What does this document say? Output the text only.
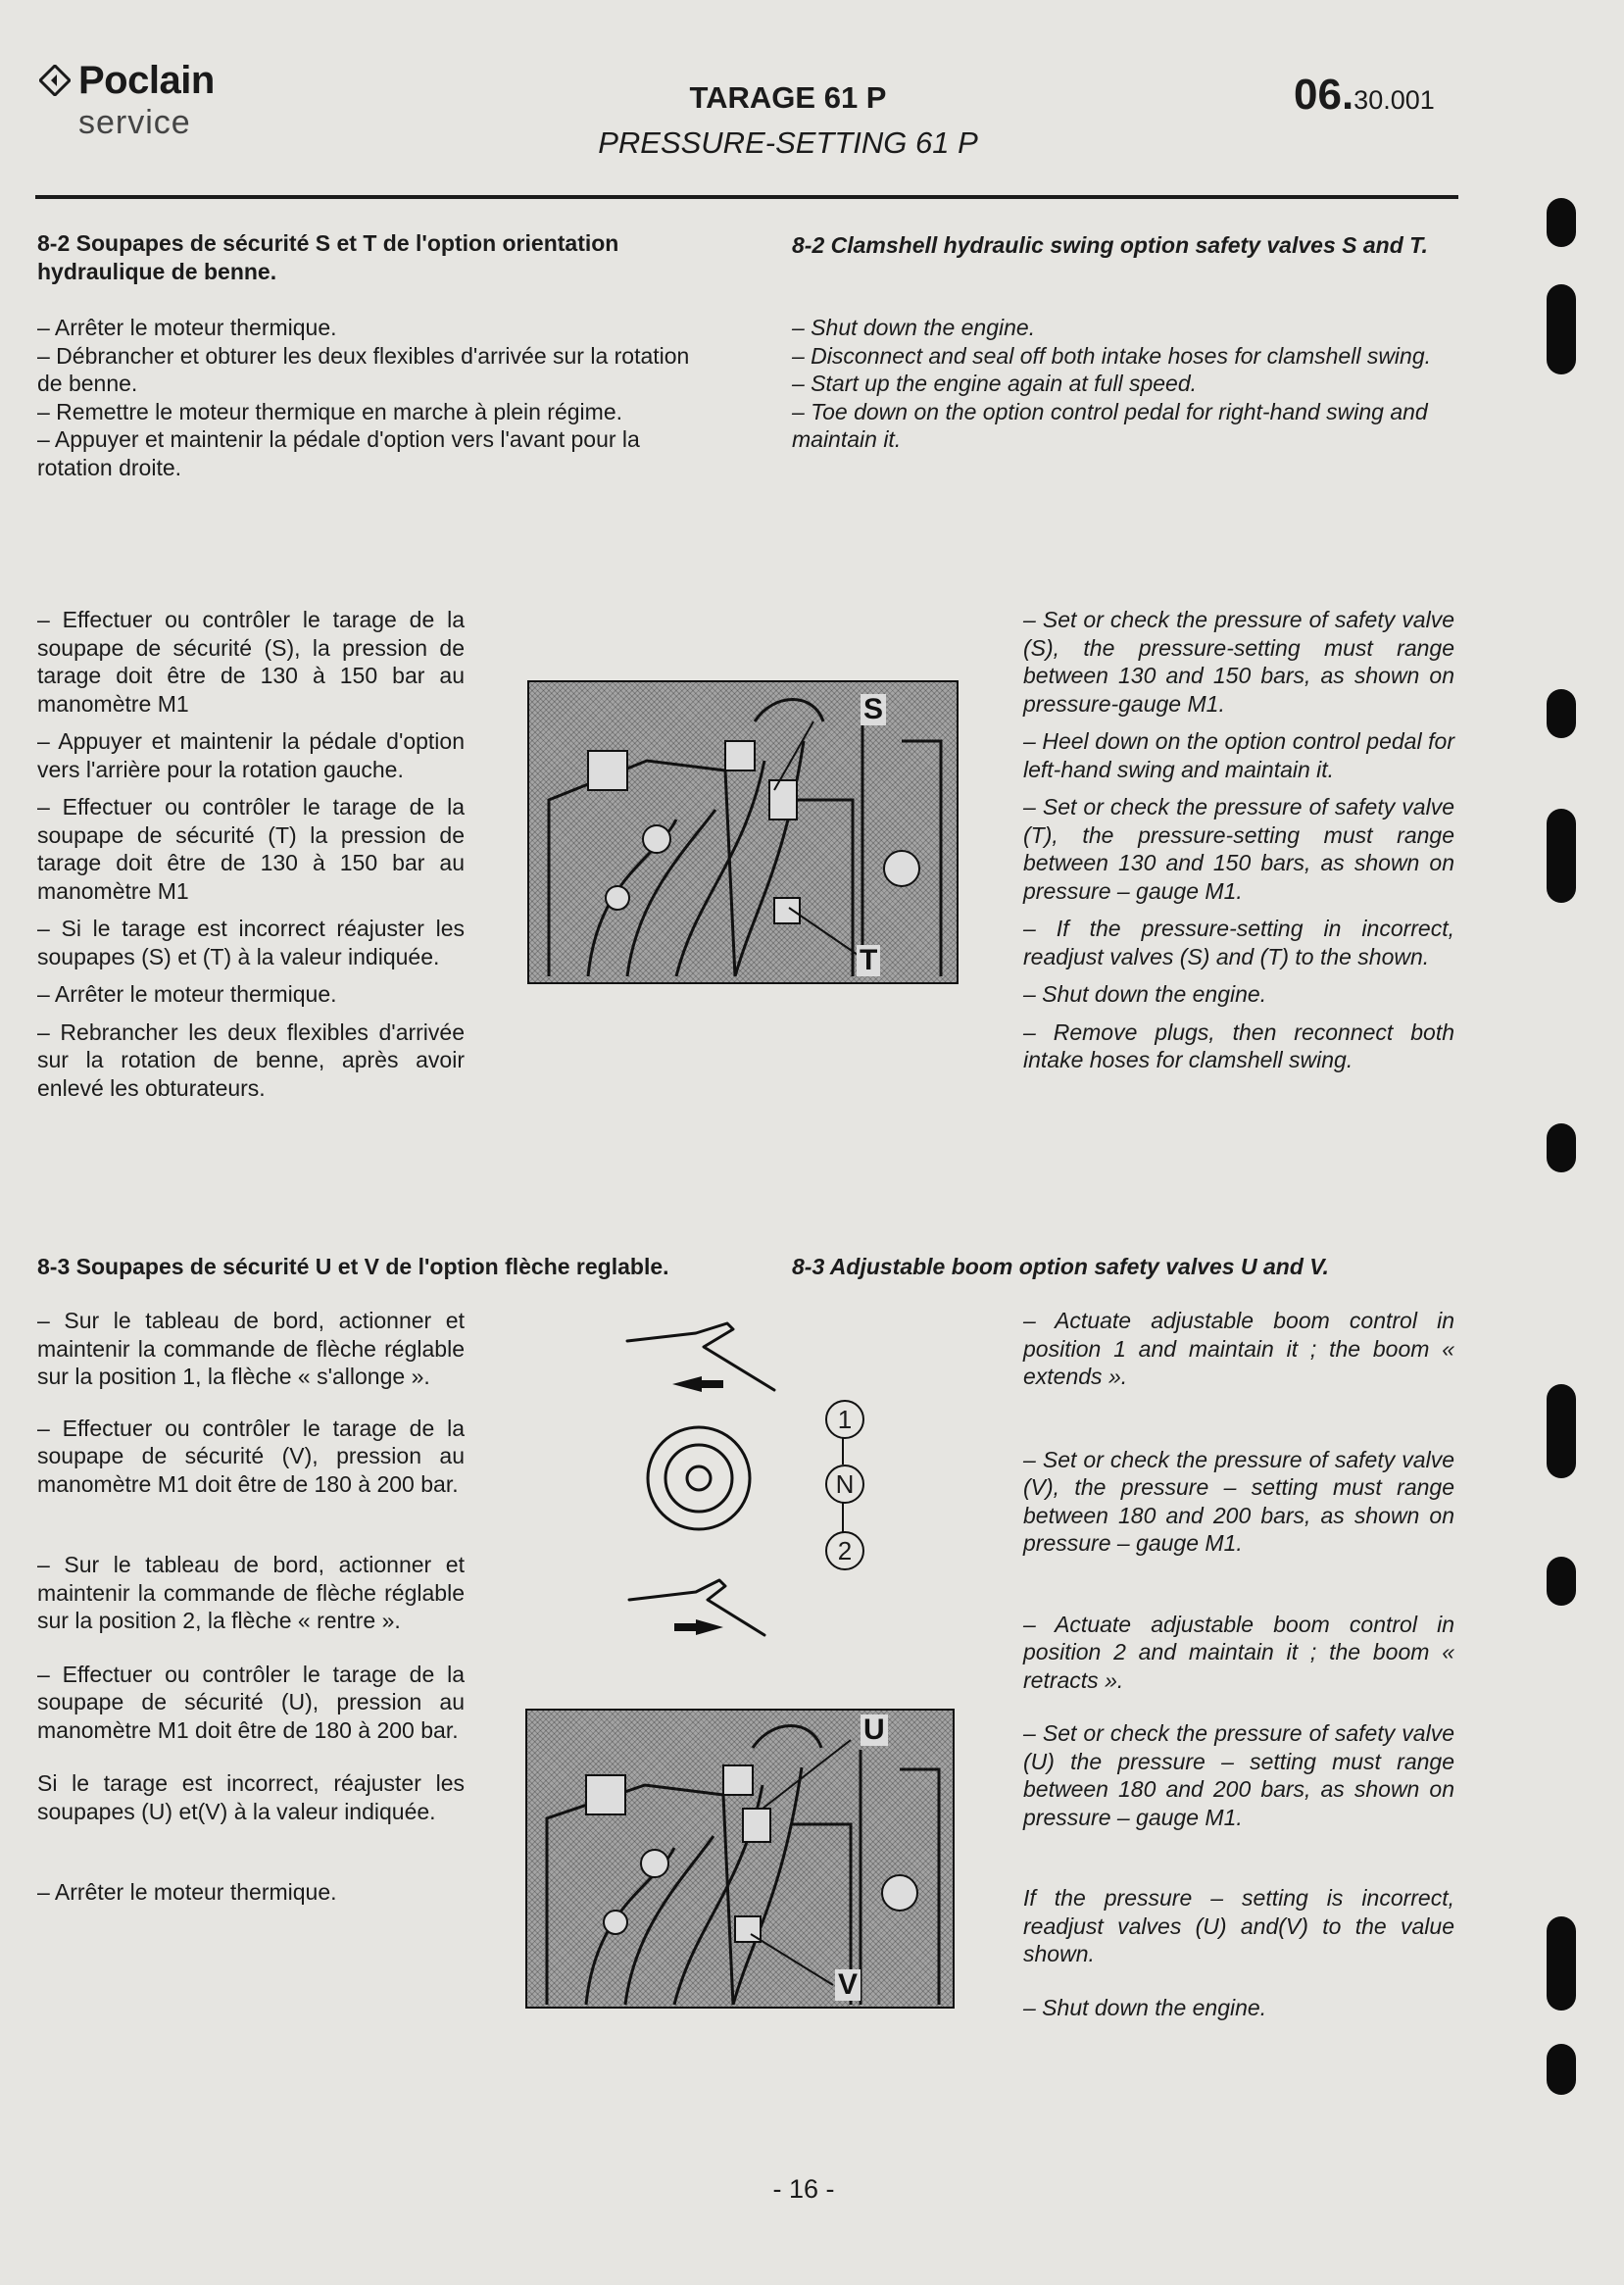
Poclain
service
TARAGE 61 P
PRESSURE-SETTING 61 P
06.30.001
8-2 Soupapes de sécurité S et T de l'option orientation hydraulique de benne.
8-2 Clamshell hydraulic swing option safety valves S and T.

– Arrêter le moteur thermique.

– Débrancher et obturer les deux flexibles d'arrivée sur la rotation de benne.

– Remettre le moteur thermique en marche à plein régime.

– Appuyer et maintenir la pédale d'option vers l'avant pour la rotation droite.

– Shut down the engine.

– Disconnect and seal off both intake hoses for clamshell swing.

– Start up the engine again at full speed.

– Toe down on the option control pedal for right-hand swing and maintain it.

– Effectuer ou contrôler le tarage de la soupape de sécurité (S), la pression de tarage doit être de 130 à 150 bar au manomètre M1

– Appuyer et maintenir la pédale d'option vers l'arrière pour la rotation gauche.

– Effectuer ou contrôler le tarage de la soupape de sécurité (T) la pression de tarage doit être de 130 à 150 bar au manomètre M1

– Si le tarage est incorrect réajuster les soupapes (S) et (T) à la valeur indiquée.

– Arrêter le moteur thermique.

– Rebrancher les deux flexibles d'arrivée sur la rotation de benne, après avoir enlevé les obturateurs.

– Set or check the pressure of safety valve (S), the pressure-setting must range between 130 and 150 bars, as shown on pressure-gauge M1.

– Heel down on the option control pedal for left-hand swing and maintain it.

– Set or check the pressure of safety valve (T), the pressure-setting must range between 130 and 150 bars, as shown on pressure – gauge M1.

– If the pressure-setting in incorrect, readjust valves (S) and (T) to the shown.

– Shut down the engine.

– Remove plugs, then reconnect both intake hoses for clamshell swing.

S
T
8-3 Soupapes de sécurité U et V de l'option flèche reglable.	8-3 Adjustable boom option safety valves U and V.

– Sur le tableau de bord, actionner et maintenir la commande de flèche réglable sur la position 1, la flèche « s'allonge ».

– Effectuer ou contrôler le tarage de la soupape de sécurité (V), pression au manomètre M1 doit être de 180 à 200 bar.

– Sur le tableau de bord, actionner et maintenir la commande de flèche réglable sur la position 2, la flèche « rentre ».

– Effectuer ou contrôler le tarage de la soupape de sécurité (U), pression au manomètre M1 doit être de 180 à 200 bar.

Si le tarage est incorrect, réajuster les soupapes (U) et(V) à la valeur indiquée.

– Arrêter le moteur thermique.

– Actuate adjustable boom control in position 1 and maintain it ; the boom « extends ».

– Set or check the pressure of safety valve (V), the pressure – setting must range between 180 and 200 bars, as shown on pressure – gauge M1.

– Actuate adjustable boom control in position 2 and maintain it ; the boom « retracts ».

– Set or check the pressure of safety valve (U) the pressure – setting must range between 180 and 200 bars, as shown on pressure – gauge M1.

If the pressure – setting is incorrect, readjust valves (U) and(V) to the value shown.

– Shut down the engine.

1
N
2
U
V
- 16 -
